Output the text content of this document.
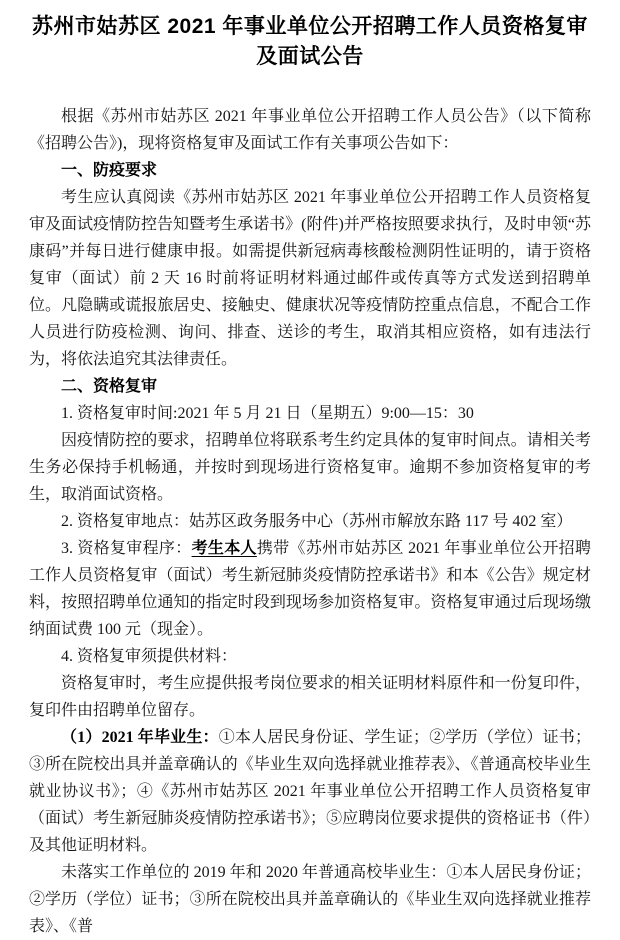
苏州市姑苏区 2021 年事业单位公开招聘工作人员资格复审及面试公告

根据《苏州市姑苏区 2021 年事业单位公开招聘工作人员公告》（以下简称《招聘公告》)，现将资格复审及面试工作有关事项公告如下：

一、防疫要求

考生应认真阅读《苏州市姑苏区 2021 年事业单位公开招聘工作人员资格复审及面试疫情防控告知暨考生承诺书》(附件)并严格按照要求执行，及时申领“苏康码”并每日进行健康申报。如需提供新冠病毒核酸检测阴性证明的，请于资格复审（面试）前 2 天 16 时前将证明材料通过邮件或传真等方式发送到招聘单位。凡隐瞒或谎报旅居史、接触史、健康状况等疫情防控重点信息，不配合工作人员进行防疫检测、询问、排查、送诊的考生，取消其相应资格，如有违法行为，将依法追究其法律责任。

二、资格复审

1. 资格复审时间:2021 年 5 月 21 日（星期五）9:00—15：30

因疫情防控的要求，招聘单位将联系考生约定具体的复审时间点。请相关考生务必保持手机畅通，并按时到现场进行资格复审。逾期不参加资格复审的考生，取消面试资格。

2. 资格复审地点：姑苏区政务服务中心（苏州市解放东路 117 号 402 室）

3. 资格复审程序：考生本人携带《苏州市姑苏区 2021 年事业单位公开招聘工作人员资格复审（面试）考生新冠肺炎疫情防控承诺书》和本《公告》规定材料，按照招聘单位通知的指定时段到现场参加资格复审。资格复审通过后现场缴纳面试费 100 元（现金）。

4. 资格复审须提供材料：

资格复审时，考生应提供报考岗位要求的相关证明材料原件和一份复印件，复印件由招聘单位留存。

（1）2021 年毕业生：①本人居民身份证、学生证；②学历（学位）证书；③所在院校出具并盖章确认的《毕业生双向选择就业推荐表》、《普通高校毕业生就业协议书》；④《苏州市姑苏区 2021 年事业单位公开招聘工作人员资格复审（面试）考生新冠肺炎疫情防控承诺书》；⑤应聘岗位要求提供的资格证书（件）及其他证明材料。

未落实工作单位的 2019 年和 2020 年普通高校毕业生：①本人居民身份证；②学历（学位）证书；③所在院校出具并盖章确认的《毕业生双向选择就业推荐表》、《普
